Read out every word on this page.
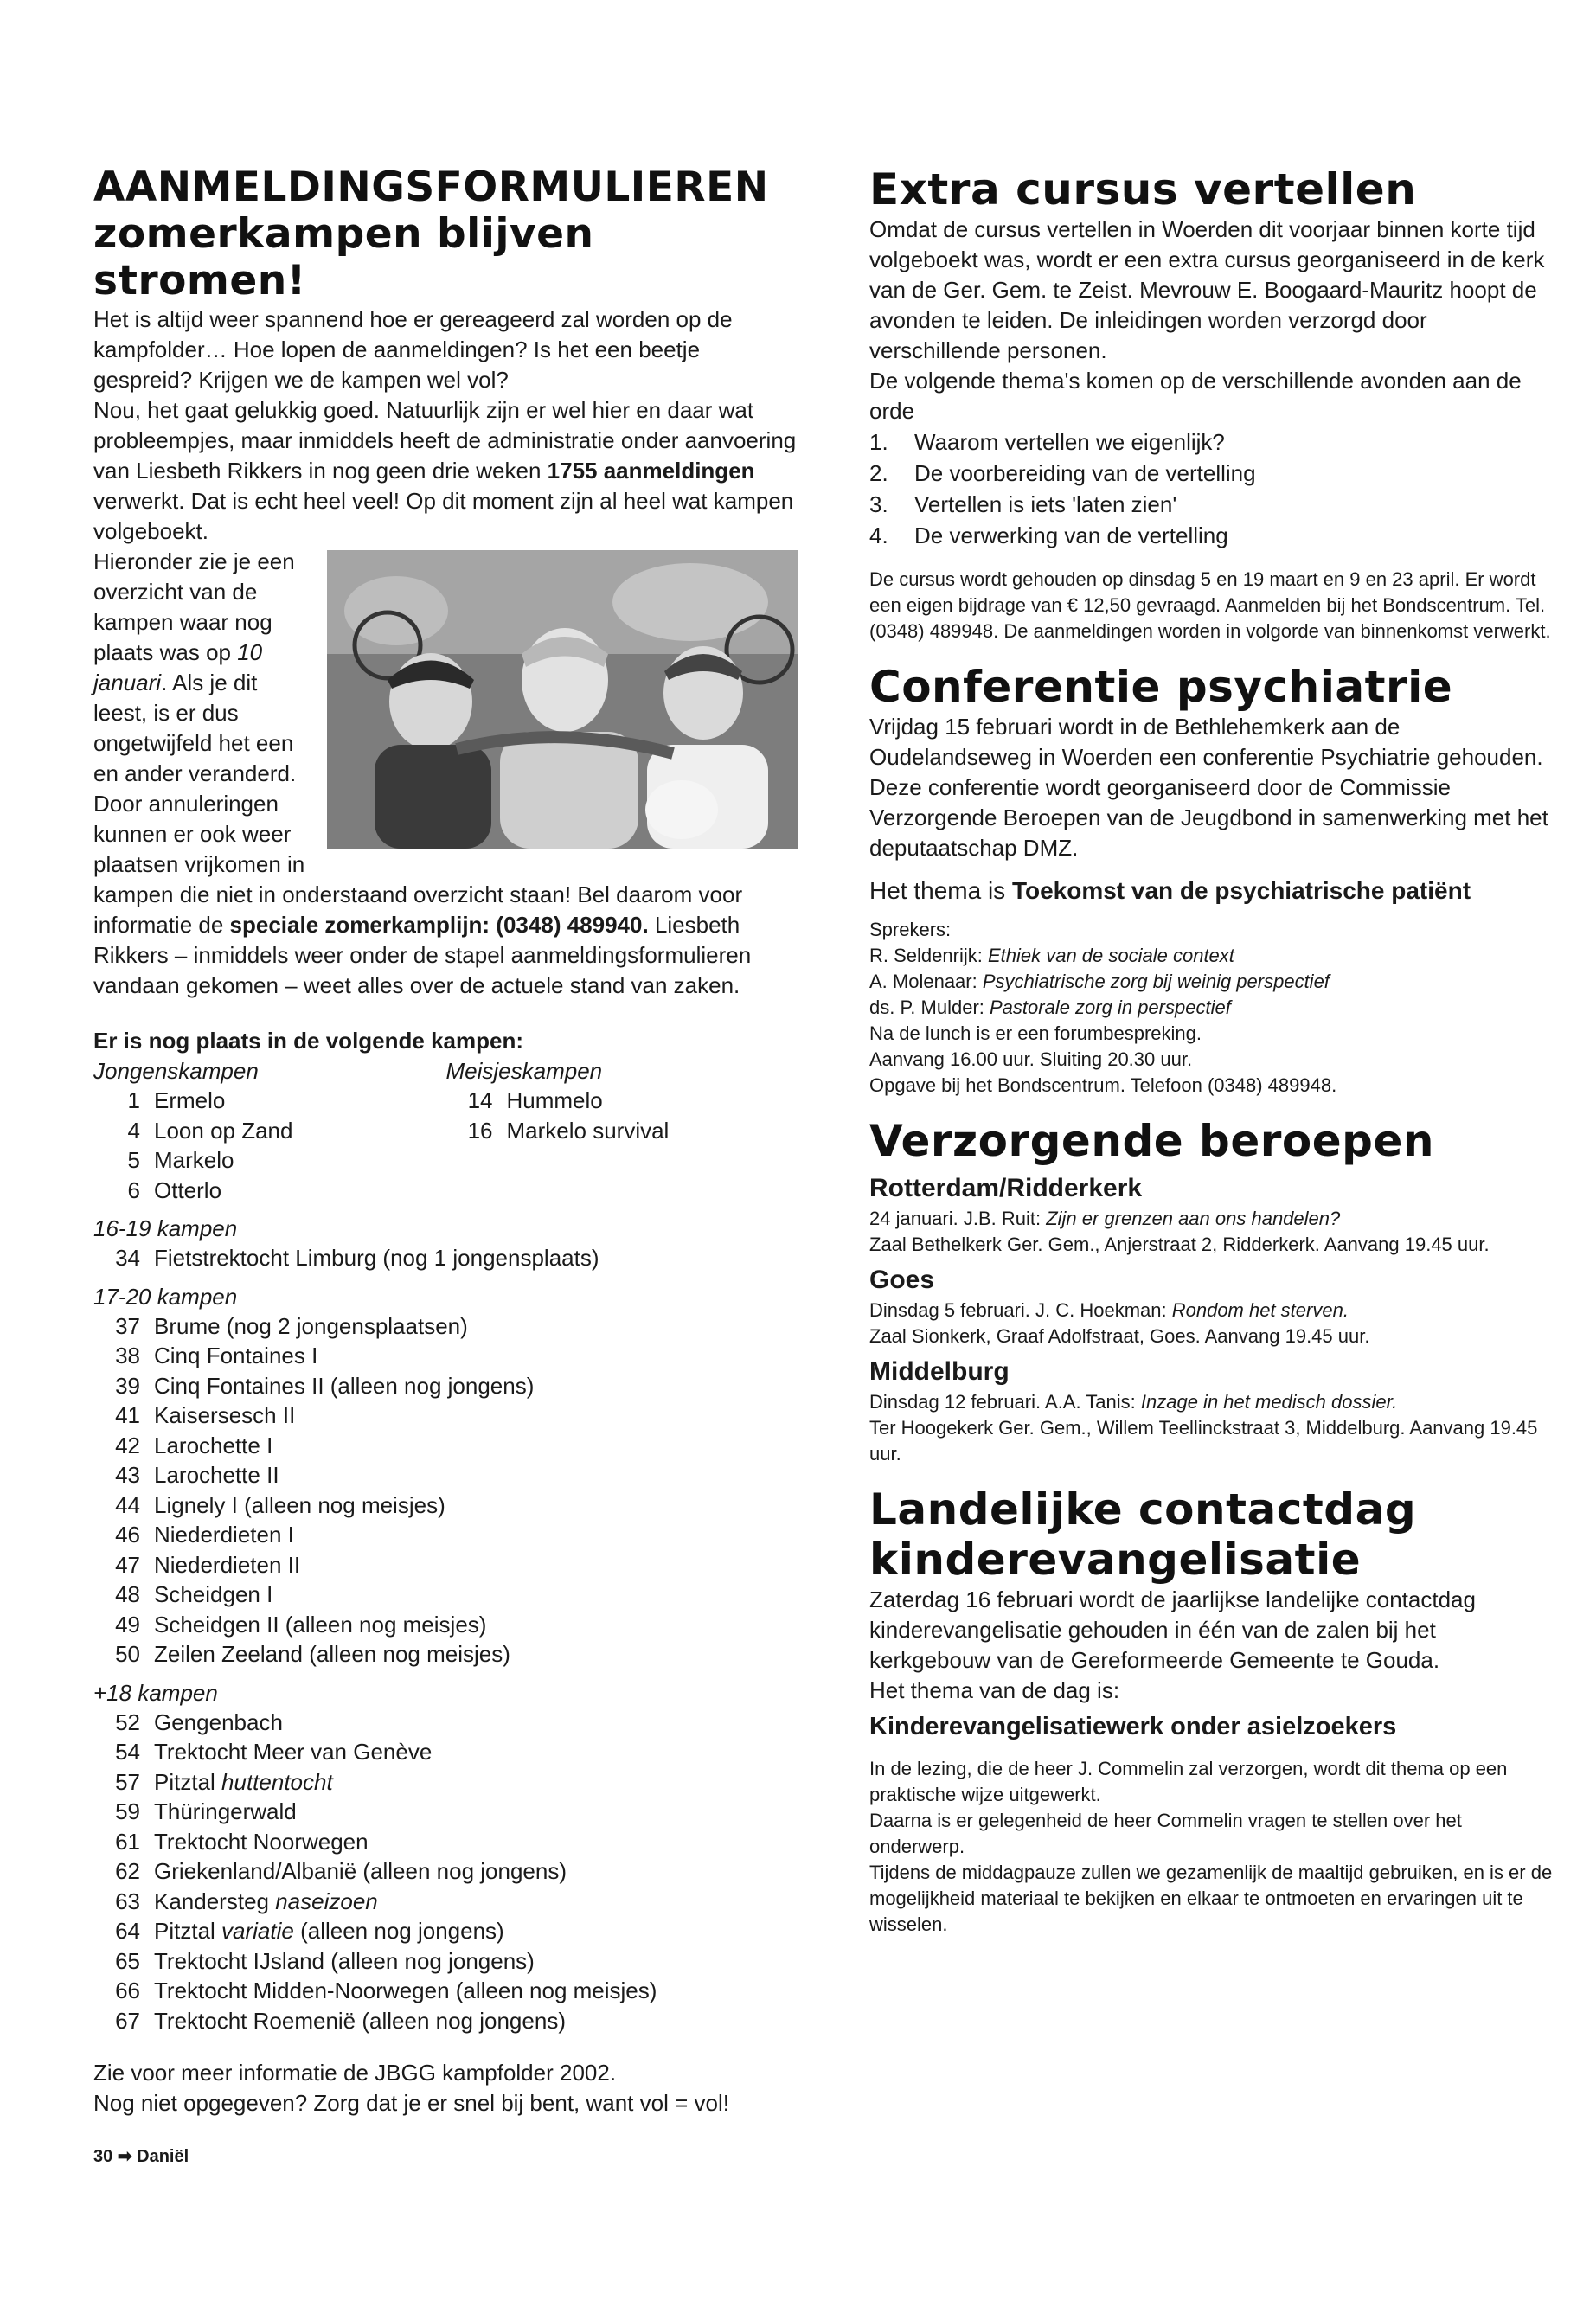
AANMELDINGSFORMULIEREN
zomerkampen blijven stromen!

Het is altijd weer spannend hoe er gereageerd zal worden op de kampfolder… Hoe lopen de aanmeldingen? Is het een beetje gespreid? Krijgen we de kampen wel vol?

Nou, het gaat gelukkig goed. Natuurlijk zijn er wel hier en daar wat probleempjes, maar inmiddels heeft de administratie onder aanvoering van Liesbeth Rikkers in nog geen drie weken 1755 aanmeldingen verwerkt. Dat is echt heel veel! Op dit moment zijn al heel wat kampen volgeboekt.

Hieronder zie je een overzicht van de kampen waar nog plaats was op 10 januari. Als je dit leest, is er dus ongetwijfeld het een en ander veranderd.

Door annuleringen kunnen er ook weer plaatsen vrijkomen in kampen die niet in onderstaand overzicht staan! Bel daarom voor informatie de speciale zomerkamplijn: (0348) 489940. Liesbeth Rikkers – inmiddels weer onder de stapel aanmeldingsformulieren vandaan gekomen – weet alles over de actuele stand van zaken.

Er is nog plaats in de volgende kampen:
Jongenskampen
1 Ermelo
4 Loon op Zand
5 Markelo
6 Otterlo
Meisjeskampen
14 Hummelo
16 Markelo survival
16-19 kampen
34 Fietstrektocht Limburg (nog 1 jongensplaats)
17-20 kampen
37 Brume (nog 2 jongensplaatsen)
38 Cinq Fontaines I
39 Cinq Fontaines II (alleen nog jongens)
41 Kaisersesch II
42 Larochette I
43 Larochette II
44 Lignely I (alleen nog meisjes)
46 Niederdieten I
47 Niederdieten II
48 Scheidgen I
49 Scheidgen II (alleen nog meisjes)
50 Zeilen Zeeland (alleen nog meisjes)
+18 kampen
52 Gengenbach
54 Trektocht Meer van Genève
57 Pitztal huttentocht
59 Thüringerwald
61 Trektocht Noorwegen
62 Griekenland/Albanië (alleen nog jongens)
63 Kandersteg naseizoen
64 Pitztal variatie (alleen nog jongens)
65 Trektocht IJsland (alleen nog jongens)
66 Trektocht Midden-Noorwegen (alleen nog meisjes)
67 Trektocht Roemenië (alleen nog jongens)

Zie voor meer informatie de JBGG kampfolder 2002.

Nog niet opgegeven? Zorg dat je er snel bij bent, want vol = vol!

Extra cursus vertellen

Omdat de cursus vertellen in Woerden dit voorjaar binnen korte tijd volgeboekt was, wordt er een extra cursus georganiseerd in de kerk van de Ger. Gem. te Zeist. Mevrouw E. Boogaard-Mauritz hoopt de avonden te leiden. De inleidingen worden verzorgd door verschillende personen.

De volgende thema's komen op de verschillende avonden aan de orde

1.	Waarom vertellen we eigenlijk?
2.	De voorbereiding van de vertelling
3.	Vertellen is iets 'laten zien'
4.	De verwerking van de vertelling

De cursus wordt gehouden op dinsdag 5 en 19 maart en 9 en 23 april. Er wordt een eigen bijdrage van € 12,50 gevraagd. Aanmelden bij het Bondscentrum. Tel. (0348) 489948. De aanmeldingen worden in volgorde van binnenkomst verwerkt.

Conferentie psychiatrie

Vrijdag 15 februari wordt in de Bethlehemkerk aan de Oudelandseweg in Woerden een conferentie Psychiatrie gehouden. Deze conferentie wordt georganiseerd door de Commissie Verzorgende Beroepen van de Jeugdbond in samenwerking met het deputaatschap DMZ.

Het thema is Toekomst van de psychiatrische patiënt

Sprekers:
R. Seldenrijk: Ethiek van de sociale context
A. Molenaar: Psychiatrische zorg bij weinig perspectief
ds. P. Mulder: Pastorale zorg in perspectief
Na de lunch is er een forumbespreking.
Aanvang 16.00 uur. Sluiting 20.30 uur.
Opgave bij het Bondscentrum. Telefoon (0348) 489948.
Verzorgende beroepen
Rotterdam/Ridderkerk
24 januari. J.B. Ruit: Zijn er grenzen aan ons handelen?
Zaal Bethelkerk Ger. Gem., Anjerstraat 2, Ridderkerk. Aanvang 19.45 uur.
Goes
Dinsdag 5 februari. J. C. Hoekman: Rondom het sterven.
Zaal Sionkerk, Graaf Adolfstraat, Goes. Aanvang 19.45 uur.
Middelburg
Dinsdag 12 februari. A.A. Tanis: Inzage in het medisch dossier.
Ter Hoogekerk Ger. Gem., Willem Teellinckstraat 3, Middelburg. Aanvang 19.45 uur.
Landelijke contactdag
kinderevangelisatie

Zaterdag 16 februari wordt de jaarlijkse landelijke contactdag kinderevangelisatie gehouden in één van de zalen bij het kerkgebouw van de Gereformeerde Gemeente te Gouda.

Het thema van de dag is:

Kinderevangelisatiewerk onder asielzoekers

In de lezing, die de heer J. Commelin zal verzorgen, wordt dit thema op een praktische wijze uitgewerkt.

Daarna is er gelegenheid de heer Commelin vragen te stellen over het onderwerp.

Tijdens de middagpauze zullen we gezamenlijk de maaltijd gebruiken, en is er de mogelijkheid materiaal te bekijken en elkaar te ontmoeten en ervaringen uit te wisselen.

30 ➡ Daniël
